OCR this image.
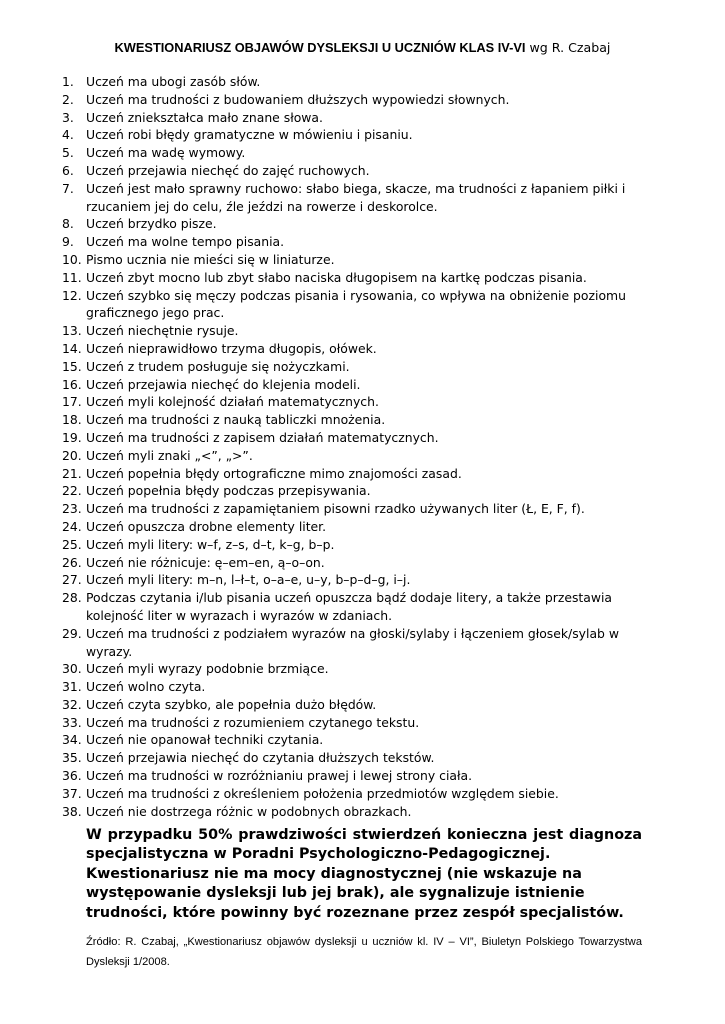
KWESTIONARIUSZ OBJAWÓW DYSLEKSJI U UCZNIÓW KLAS IV-VI wg R. Czabaj
1. Uczeń ma ubogi zasób słów.
2. Uczeń ma trudności z budowaniem dłuższych wypowiedzi słownych.
3. Uczeń zniekształca mało znane słowa.
4. Uczeń robi błędy gramatyczne w mówieniu i pisaniu.
5. Uczeń ma wadę wymowy.
6. Uczeń przejawia niechęć do zajęć ruchowych.
7. Uczeń jest mało sprawny ruchowo: słabo biega, skacze, ma trudności z łapaniem piłki i rzucaniem jej do celu, źle jeździ na rowerze i deskorolce.
8. Uczeń brzydko pisze.
9. Uczeń ma wolne tempo pisania.
10. Pismo ucznia nie mieści się w liniaturze.
11. Uczeń zbyt mocno lub zbyt słabo naciska długopisem na kartkę podczas pisania.
12. Uczeń szybko się męczy podczas pisania i rysowania, co wpływa na obniżenie poziomu graficznego jego prac.
13. Uczeń niechętnie rysuje.
14. Uczeń nieprawidłowo trzyma długopis, ołówek.
15. Uczeń z trudem posługuje się nożyczkami.
16. Uczeń przejawia niechęć do klejenia modeli.
17. Uczeń myli kolejność działań matematycznych.
18. Uczeń ma trudności z nauką tabliczki mnożenia.
19. Uczeń ma trudności z zapisem działań matematycznych.
20. Uczeń myli znaki „<”, „>”.
21. Uczeń popełnia błędy ortograficzne mimo znajomości zasad.
22. Uczeń popełnia błędy podczas przepisywania.
23. Uczeń ma trudności z zapamiętaniem pisowni rzadko używanych liter (Ł, E, F, f).
24. Uczeń opuszcza drobne elementy liter.
25. Uczeń myli litery: w–f, z–s, d–t, k–g, b–p.
26. Uczeń nie różnicuje: ę–em–en, ą–o–on.
27. Uczeń myli litery: m–n, l–ł–t, o–a–e, u–y, b–p–d–g, i–j.
28. Podczas czytania i/lub pisania uczeń opuszcza bądź dodaje litery, a także przestawia kolejność liter w wyrazach i wyrazów w zdaniach.
29. Uczeń ma trudności z podziałem wyrazów na głoski/sylaby i łączeniem głosek/sylab w wyrazy.
30. Uczeń myli wyrazy podobnie brzmiące.
31. Uczeń wolno czyta.
32. Uczeń czyta szybko, ale popełnia dużo błędów.
33. Uczeń ma trudności z rozumieniem czytanego tekstu.
34. Uczeń nie opanował techniki czytania.
35. Uczeń przejawia niechęć do czytania dłuższych tekstów.
36. Uczeń ma trudności w rozróżnianiu prawej i lewej strony ciała.
37. Uczeń ma trudności z określeniem położenia przedmiotów względem siebie.
38. Uczeń nie dostrzega różnic w podobnych obrazkach.

W przypadku 50% prawdziwości stwierdzeń konieczna jest diagnoza specjalistyczna w Poradni Psychologiczno-Pedagogicznej.

Kwestionariusz nie ma mocy diagnostycznej (nie wskazuje na występowanie dysleksji lub jej brak), ale sygnalizuje istnienie trudności, które powinny być rozeznane przez zespół specjalistów.

Źródło: R. Czabaj, „Kwestionariusz objawów dysleksji u uczniów kl. IV – VI”, Biuletyn Polskiego Towarzystwa Dysleksji 1/2008.
